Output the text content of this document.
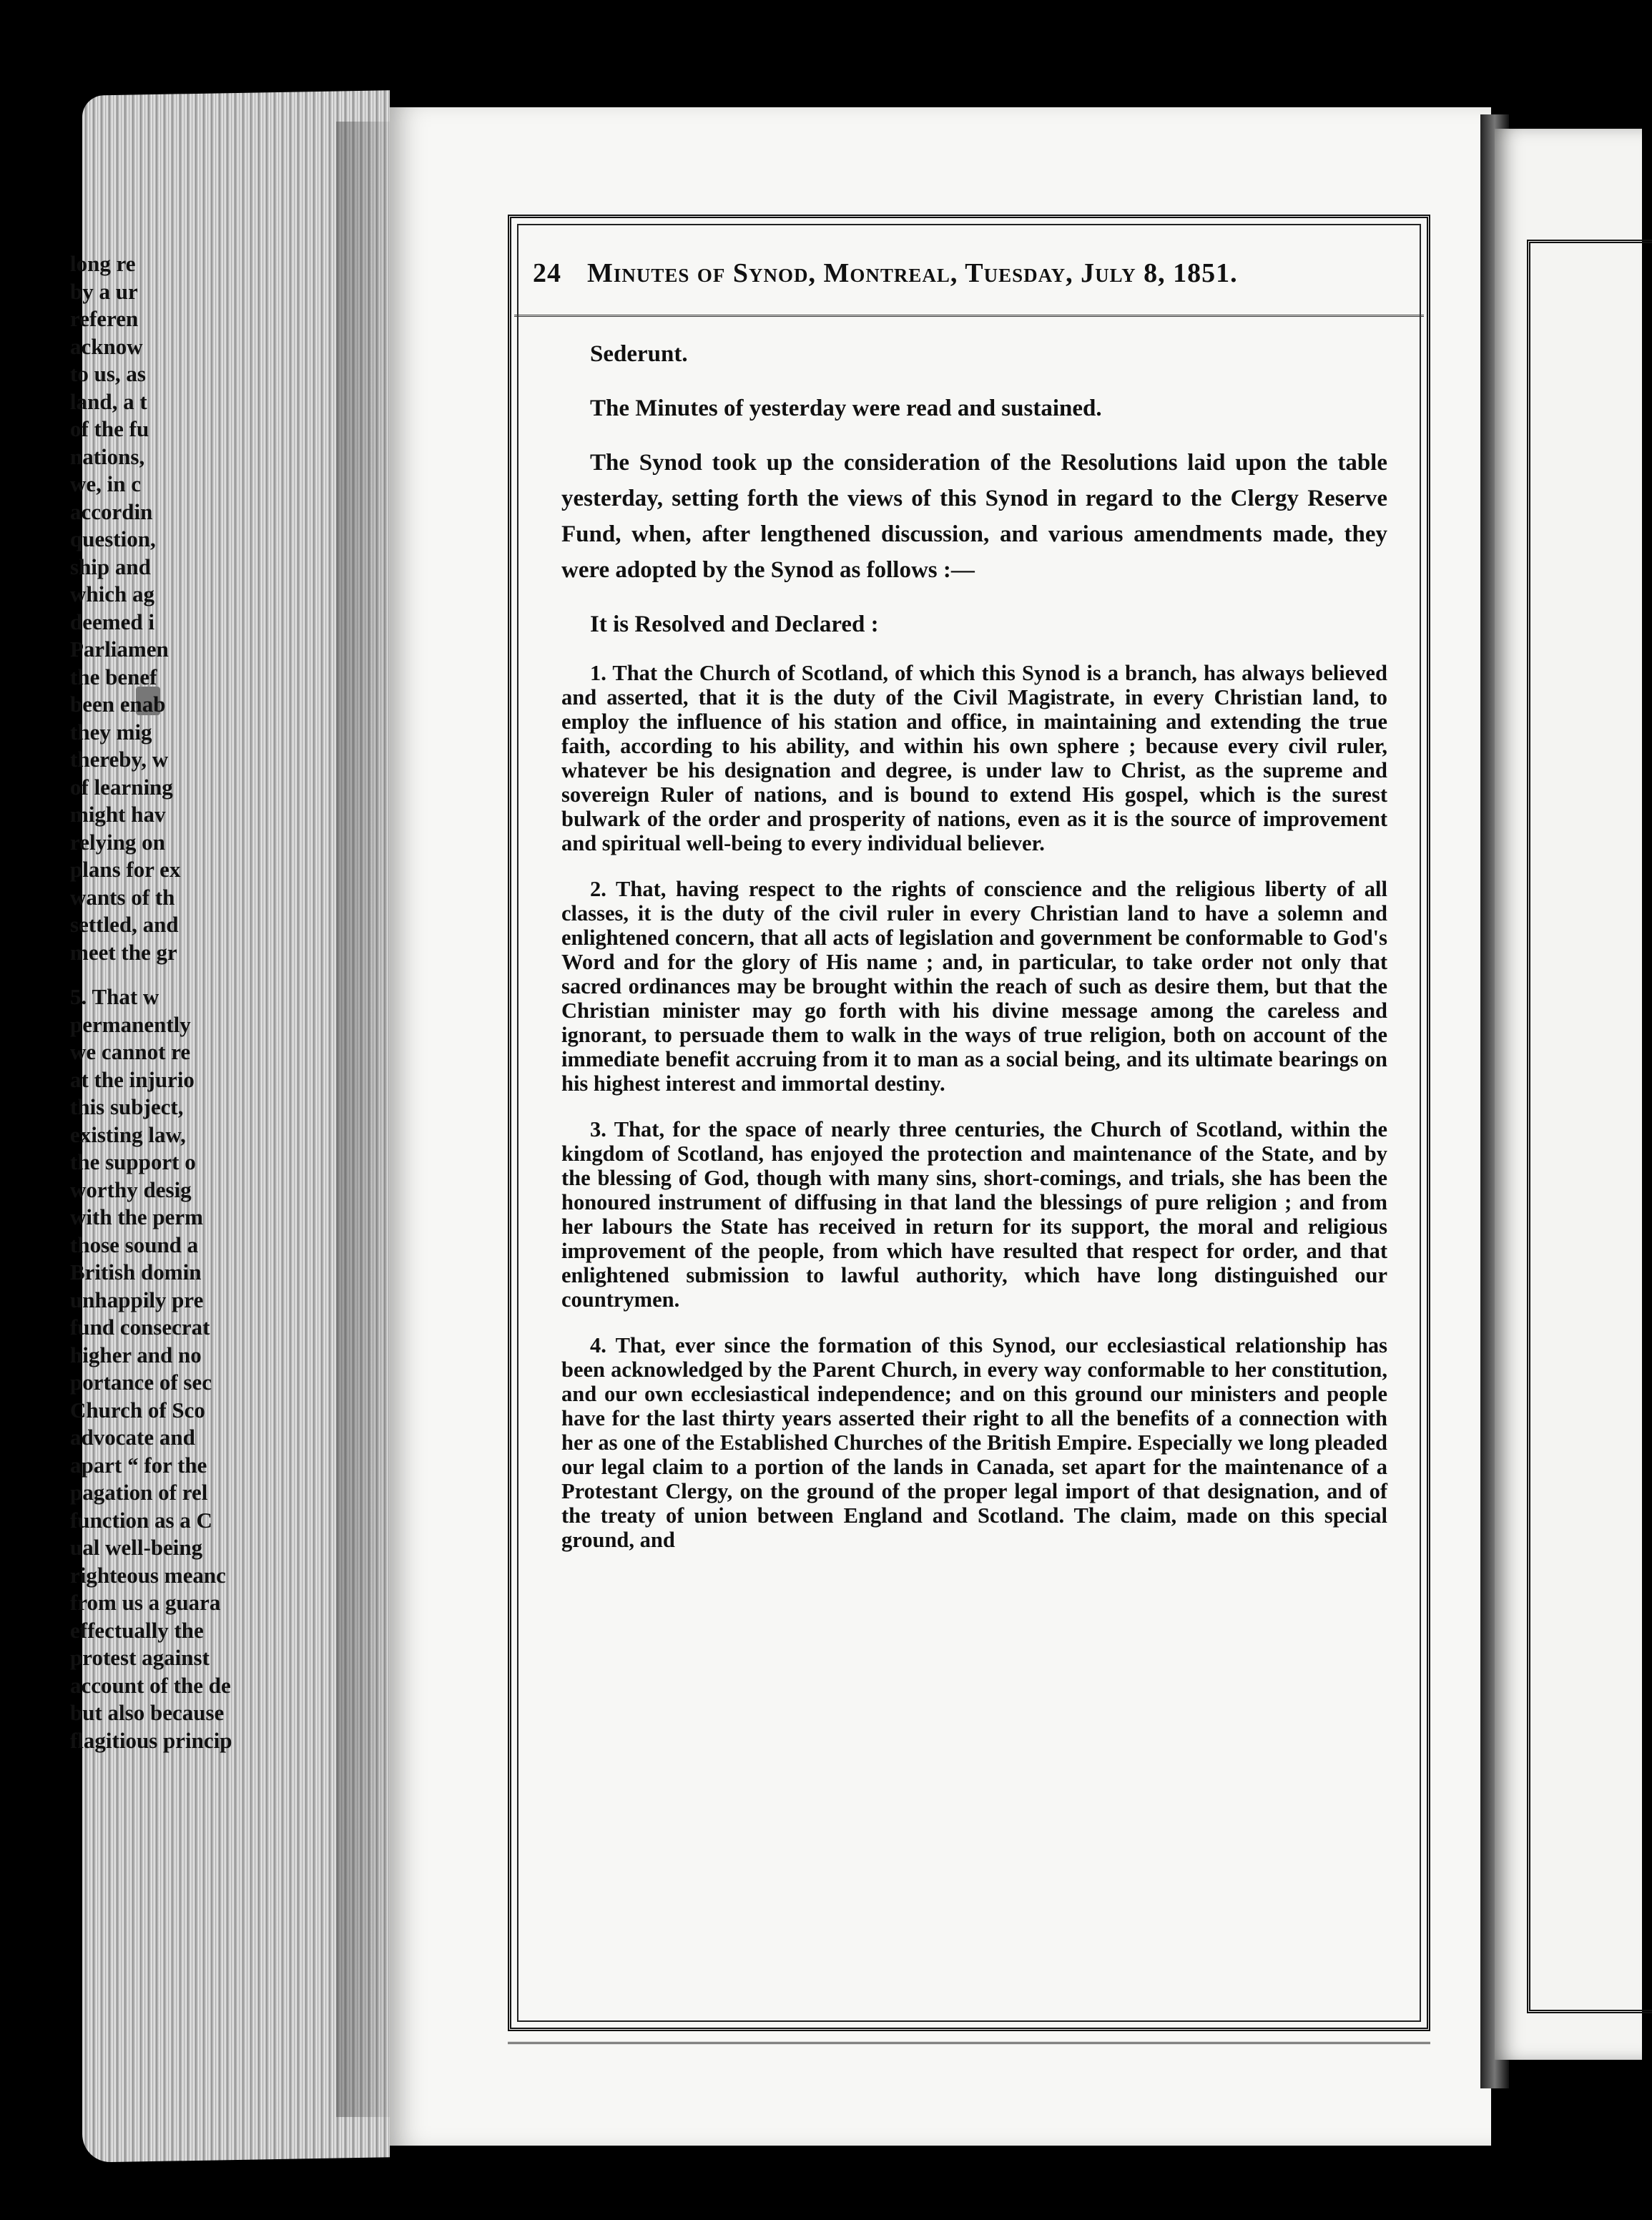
24 Minutes of Synod, Montreal, Tuesday, July 8, 1851.

Sederunt.

The Minutes of yesterday were read and sustained.

The Synod took up the consideration of the Resolutions laid upon the table yesterday, setting forth the views of this Synod in regard to the Clergy Reserve Fund, when, after lengthened discussion, and various amendments made, they were adopted by the Synod as follows :—

It is Resolved and Declared :

1. That the Church of Scotland, of which this Synod is a branch, has always believed and asserted, that it is the duty of the Civil Magistrate, in every Christian land, to employ the influence of his station and office, in maintaining and extending the true faith, according to his ability, and within his own sphere ; because every civil ruler, whatever be his designation and degree, is under law to Christ, as the supreme and sovereign Ruler of nations, and is bound to extend His gospel, which is the surest bulwark of the order and prosperity of nations, even as it is the source of improvement and spiritual well-being to every individual believer.

2. That, having respect to the rights of conscience and the religious liberty of all classes, it is the duty of the civil ruler in every Christian land to have a solemn and enlightened concern, that all acts of legislation and government be conformable to God's Word and for the glory of His name ; and, in particular, to take order not only that sacred ordinances may be brought within the reach of such as desire them, but that the Christian minister may go forth with his divine message among the careless and ignorant, to persuade them to walk in the ways of true religion, both on account of the immediate benefit accruing from it to man as a social being, and its ultimate bearings on his highest interest and immortal destiny.

3. That, for the space of nearly three centuries, the Church of Scotland, within the kingdom of Scotland, has enjoyed the protection and maintenance of the State, and by the blessing of God, though with many sins, short-comings, and trials, she has been the honoured instrument of diffusing in that land the blessings of pure religion ; and from her labours the State has received in return for its support, the moral and religious improvement of the people, from which have resulted that respect for order, and that enlightened submission to lawful authority, which have long distinguished our countrymen.

4. That, ever since the formation of this Synod, our ecclesiastical relationship has been acknowledged by the Parent Church, in every way conformable to her constitution, and our own ecclesiastical independence; and on this ground our ministers and people have for the last thirty years asserted their right to all the benefits of a connection with her as one of the Established Churches of the British Empire. Especially we long pleaded our legal claim to a portion of the lands in Canada, set apart for the maintenance of a Protestant Clergy, on the ground of the proper legal import of that designation, and of the treaty of union between England and Scotland. The claim, made on this special ground, and

long re
by a ur
referen
acknow
to us, as
land, a t
of the fu
nations,
we, in c
accordin
question,
ship and
which ag
deemed i
Parliamen
the benef
been enab
they mig
thereby, w
of learning
might hav
relying on
plans for ex
wants of th
settled, and
meet the gr
5. That w
permanently
we cannot re
at the injurio
this subject,
existing law,
the support o
worthy desig
with the perm
those sound a
British domin
unhappily pre
fund consecrat
higher and no
portance of sec
Church of Sco
advocate and
apart “ for the
pagation of rel
function as a C
ual well-being
righteous meanc
from us a guara
effectually the
protest against
account of the de
but also because
flagitious princip
